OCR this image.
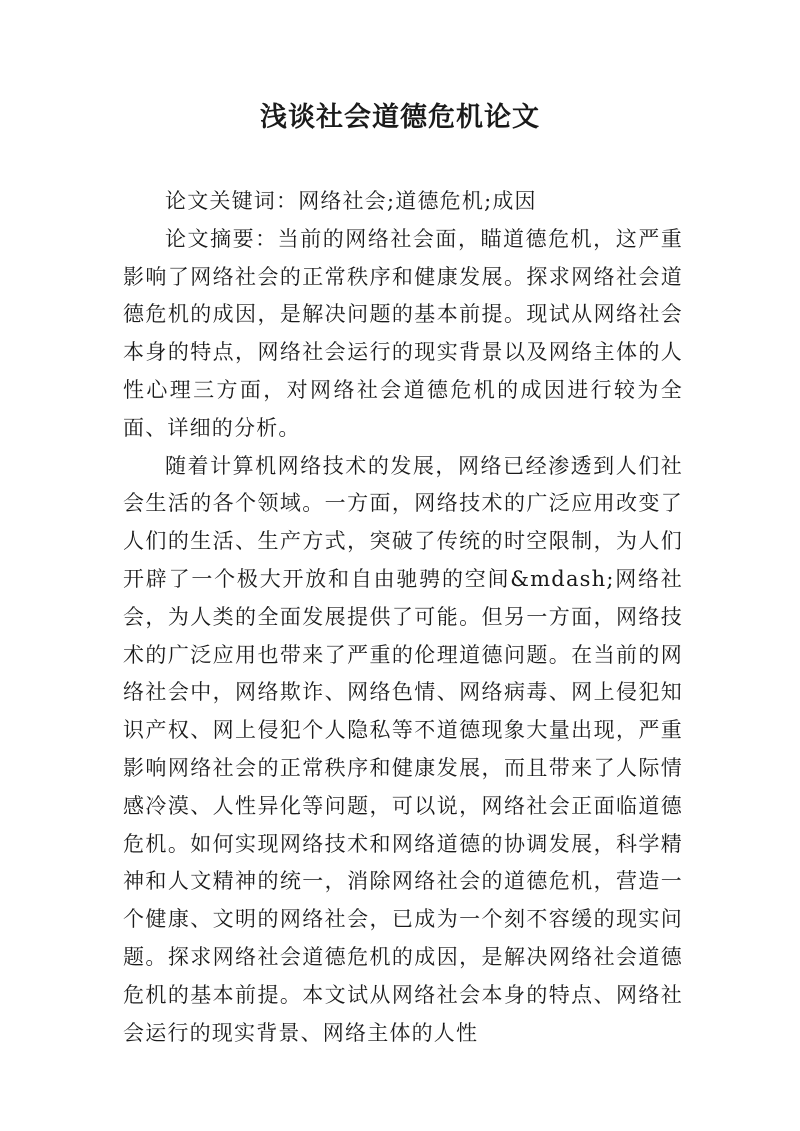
浅谈社会道德危机论文

论文关键词：网络社会;道德危机;成因

论文摘要：当前的网络社会面，瞄道德危机，这严重影响了网络社会的正常秩序和健康发展。探求网络社会道德危机的成因，是解决问题的基本前提。现试从网络社会本身的特点，网络社会运行的现实背景以及网络主体的人性心理三方面，对网络社会道德危机的成因进行较为全面、详细的分析。

随着计算机网络技术的发展，网络已经渗透到人们社会生活的各个领域。一方面，网络技术的广泛应用改变了人们的生活、生产方式，突破了传统的时空限制，为人们开辟了一个极大开放和自由驰骋的空间&mdash;网络社会，为人类的全面发展提供了可能。但另一方面，网络技术的广泛应用也带来了严重的伦理道德问题。在当前的网络社会中，网络欺诈、网络色情、网络病毒、网上侵犯知识产权、网上侵犯个人隐私等不道德现象大量出现，严重影响网络社会的正常秩序和健康发展，而且带来了人际情感冷漠、人性异化等问题，可以说，网络社会正面临道德危机。如何实现网络技术和网络道德的协调发展，科学精神和人文精神的统一，消除网络社会的道德危机，营造一个健康、文明的网络社会，已成为一个刻不容缓的现实问题。探求网络社会道德危机的成因，是解决网络社会道德危机的基本前提。本文试从网络社会本身的特点、网络社会运行的现实背景、网络主体的人性
